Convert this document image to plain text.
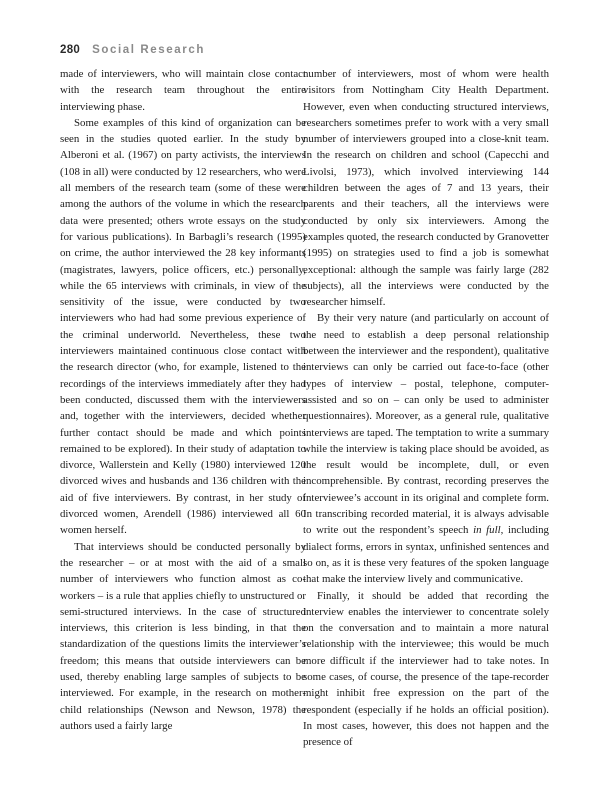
280 Social Research

made of interviewers, who will maintain close contact with the research team throughout the entire interviewing phase.

Some examples of this kind of organization can be seen in the studies quoted earlier. In the study by Alberoni et al. (1967) on party activists, the interviews (108 in all) were conducted by 12 researchers, who were all members of the research team (some of these were among the authors of the volume in which the research data were presented; others wrote essays on the study for various publications). In Barbagli’s research (1995) on crime, the author interviewed the 28 key informants (magistrates, lawyers, police officers, etc.) personally, while the 65 interviews with criminals, in view of the sensitivity of the issue, were conducted by two interviewers who had had some previous experience of the criminal underworld. Nevertheless, these two interviewers maintained continuous close contact with the research director (who, for example, listened to the recordings of the interviews immediately after they had been conducted, discussed them with the interviewers and, together with the interviewers, decided whether further contact should be made and which points remained to be explored). In their study of adaptation to divorce, Wallerstein and Kelly (1980) interviewed 120 divorced wives and husbands and 136 children with the aid of five interviewers. By contrast, in her study of divorced women, Arendell (1986) interviewed all 60 women herself.

That interviews should be conducted personally by the researcher – or at most with the aid of a small number of interviewers who function almost as co-workers – is a rule that applies chiefly to unstructured or semi-structured interviews. In the case of structured interviews, this criterion is less binding, in that the standardization of the questions limits the interviewer’s freedom; this means that outside interviewers can be used, thereby enabling large samples of subjects to be interviewed. For example, in the research on mother-child relationships (Newson and Newson, 1978) the authors used a fairly large

number of interviewers, most of whom were health visitors from Nottingham City Health Department. However, even when conducting structured interviews, researchers sometimes prefer to work with a very small number of interviewers grouped into a close-knit team. In the research on children and school (Capecchi and Livolsi, 1973), which involved interviewing 144 children between the ages of 7 and 13 years, their parents and their teachers, all the interviews were conducted by only six interviewers. Among the examples quoted, the research conducted by Granovetter (1995) on strategies used to find a job is somewhat exceptional: although the sample was fairly large (282 subjects), all the interviews were conducted by the researcher himself.

By their very nature (and particularly on account of the need to establish a deep personal relationship between the interviewer and the respondent), qualitative interviews can only be carried out face-to-face (other types of interview – postal, telephone, computer-assisted and so on – can only be used to administer questionnaires). Moreover, as a general rule, qualitative interviews are taped. The temptation to write a summary while the interview is taking place should be avoided, as the result would be incomplete, dull, or even incomprehensible. By contrast, recording preserves the interviewee’s account in its original and complete form. In transcribing recorded material, it is always advisable to write out the respondent’s speech in full, including dialect forms, errors in syntax, unfinished sentences and so on, as it is these very features of the spoken language that make the interview lively and communicative.

Finally, it should be added that recording the interview enables the interviewer to concentrate solely on the conversation and to maintain a more natural relationship with the interviewee; this would be much more difficult if the interviewer had to take notes. In some cases, of course, the presence of the tape-recorder might inhibit free expression on the part of the respondent (especially if he holds an official position). In most cases, however, this does not happen and the presence of
